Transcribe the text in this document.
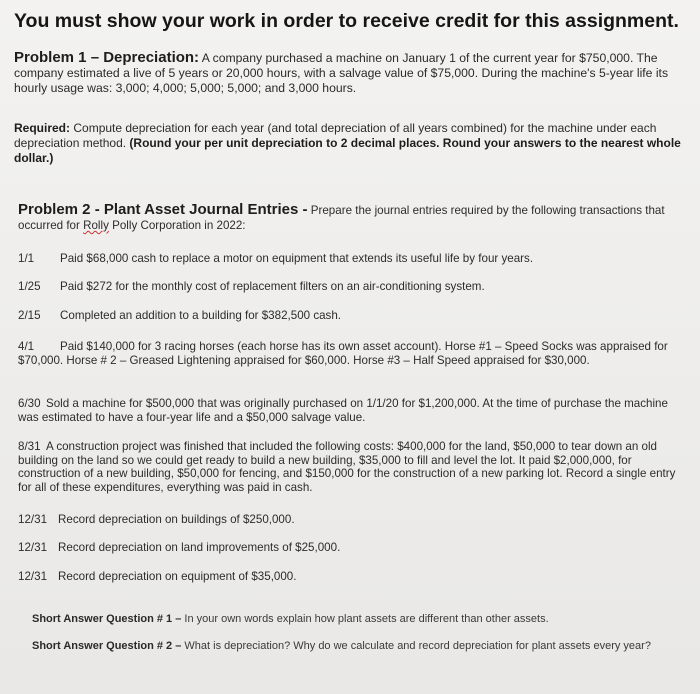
You must show your work in order to receive credit for this assignment.
Problem 1 – Depreciation: A company purchased a machine on January 1 of the current year for $750,000. The company estimated a live of 5 years or 20,000 hours, with a salvage value of $75,000. During the machine's 5-year life its hourly usage was: 3,000; 4,000; 5,000; 5,000; and 3,000 hours.
Required: Compute depreciation for each year (and total depreciation of all years combined) for the machine under each depreciation method. (Round your per unit depreciation to 2 decimal places. Round your answers to the nearest whole dollar.)
Problem 2 - Plant Asset Journal Entries - Prepare the journal entries required by the following transactions that occurred for Rolly Polly Corporation in 2022:
1/1 Paid $68,000 cash to replace a motor on equipment that extends its useful life by four years.
1/25 Paid $272 for the monthly cost of replacement filters on an air-conditioning system.
2/15 Completed an addition to a building for $382,500 cash.
4/1 Paid $140,000 for 3 racing horses (each horse has its own asset account). Horse #1 – Speed Socks was appraised for $70,000. Horse # 2 – Greased Lightening appraised for $60,000. Horse #3 – Half Speed appraised for $30,000.
6/30 Sold a machine for $500,000 that was originally purchased on 1/1/20 for $1,200,000. At the time of purchase the machine was estimated to have a four-year life and a $50,000 salvage value.
8/31 A construction project was finished that included the following costs: $400,000 for the land, $50,000 to tear down an old building on the land so we could get ready to build a new building, $35,000 to fill and level the lot. It paid $2,000,000, for construction of a new building, $50,000 for fencing, and $150,000 for the construction of a new parking lot. Record a single entry for all of these expenditures, everything was paid in cash.
12/31 Record depreciation on buildings of $250,000.
12/31 Record depreciation on land improvements of $25,000.
12/31 Record depreciation on equipment of $35,000.
Short Answer Question # 1 – In your own words explain how plant assets are different than other assets.
Short Answer Question # 2 – What is depreciation? Why do we calculate and record depreciation for plant assets every year?
